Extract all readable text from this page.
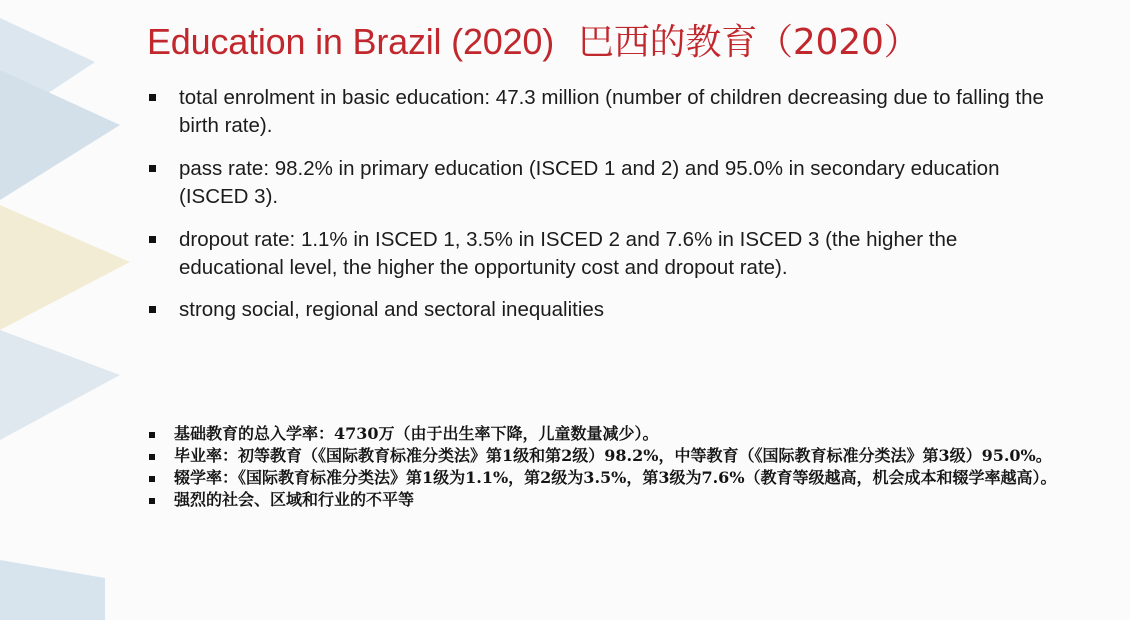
Education in Brazil (2020) 巴西的教育（2020）
total enrolment in basic education: 47.3 million (number of children decreasing due to falling the birth rate).
pass rate: 98.2% in primary education (ISCED 1 and 2) and 95.0% in secondary education (ISCED 3).
dropout rate: 1.1% in ISCED 1, 3.5% in ISCED 2 and 7.6% in ISCED 3 (the higher the educational level, the higher the opportunity cost and dropout rate).
strong social, regional and sectoral inequalities
基础教育的总入学率：4730万（由于出生率下降，儿童数量减少）。
毕业率：初等教育（《国际教育标准分类法》第1级和第2级）98.2%，中等教育（《国际教育标准分类法》第3级）95.0%。
辍学率：《国际教育标准分类法》第1级为1.1%，第2级为3.5%，第3级为7.6%（教育等级越高，机会成本和辍学率越高）。
强烈的社会、区域和行业的不平等
